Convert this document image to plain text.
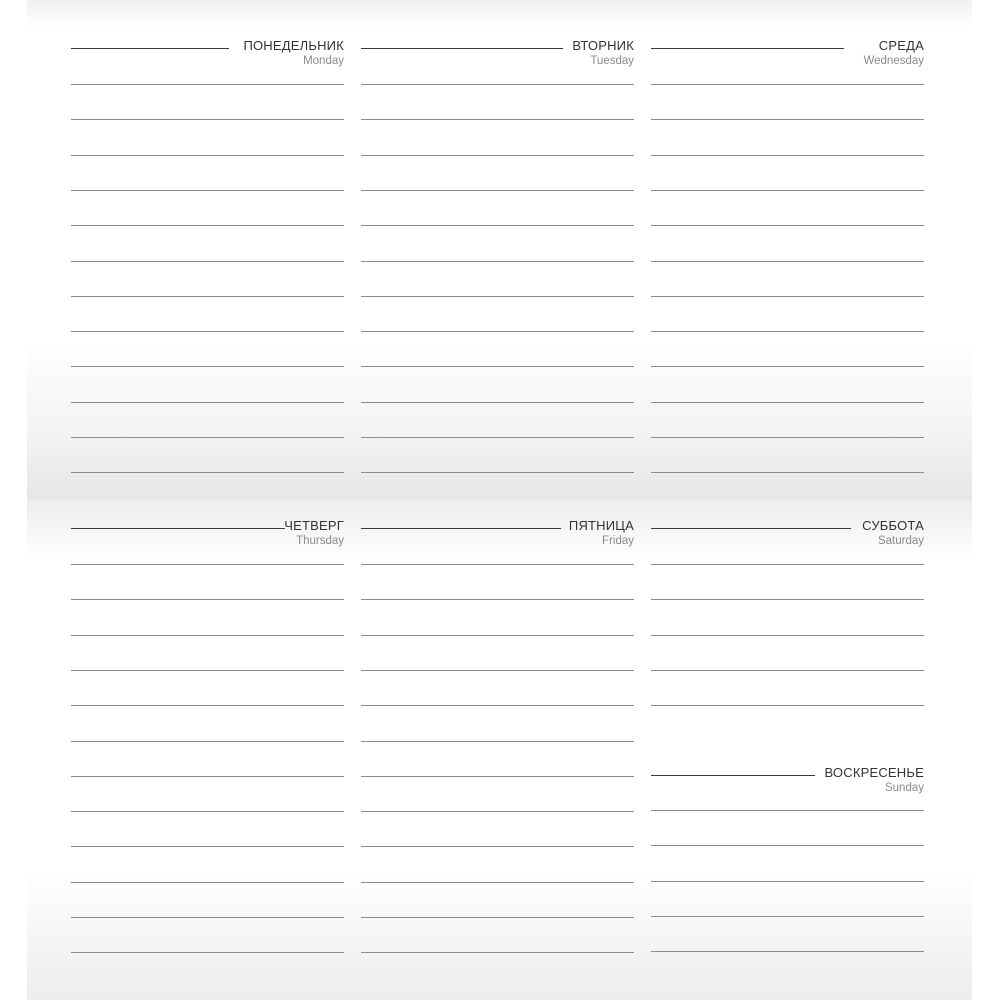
ПОНЕДЕЛЬНИК
Monday
ВТОРНИК
Tuesday
СРЕДА
Wednesday
ЧЕТВЕРГ
Thursday
ПЯТНИЦА
Friday
СУББОТА
Saturday
ВОСКРЕСЕНЬЕ
Sunday
